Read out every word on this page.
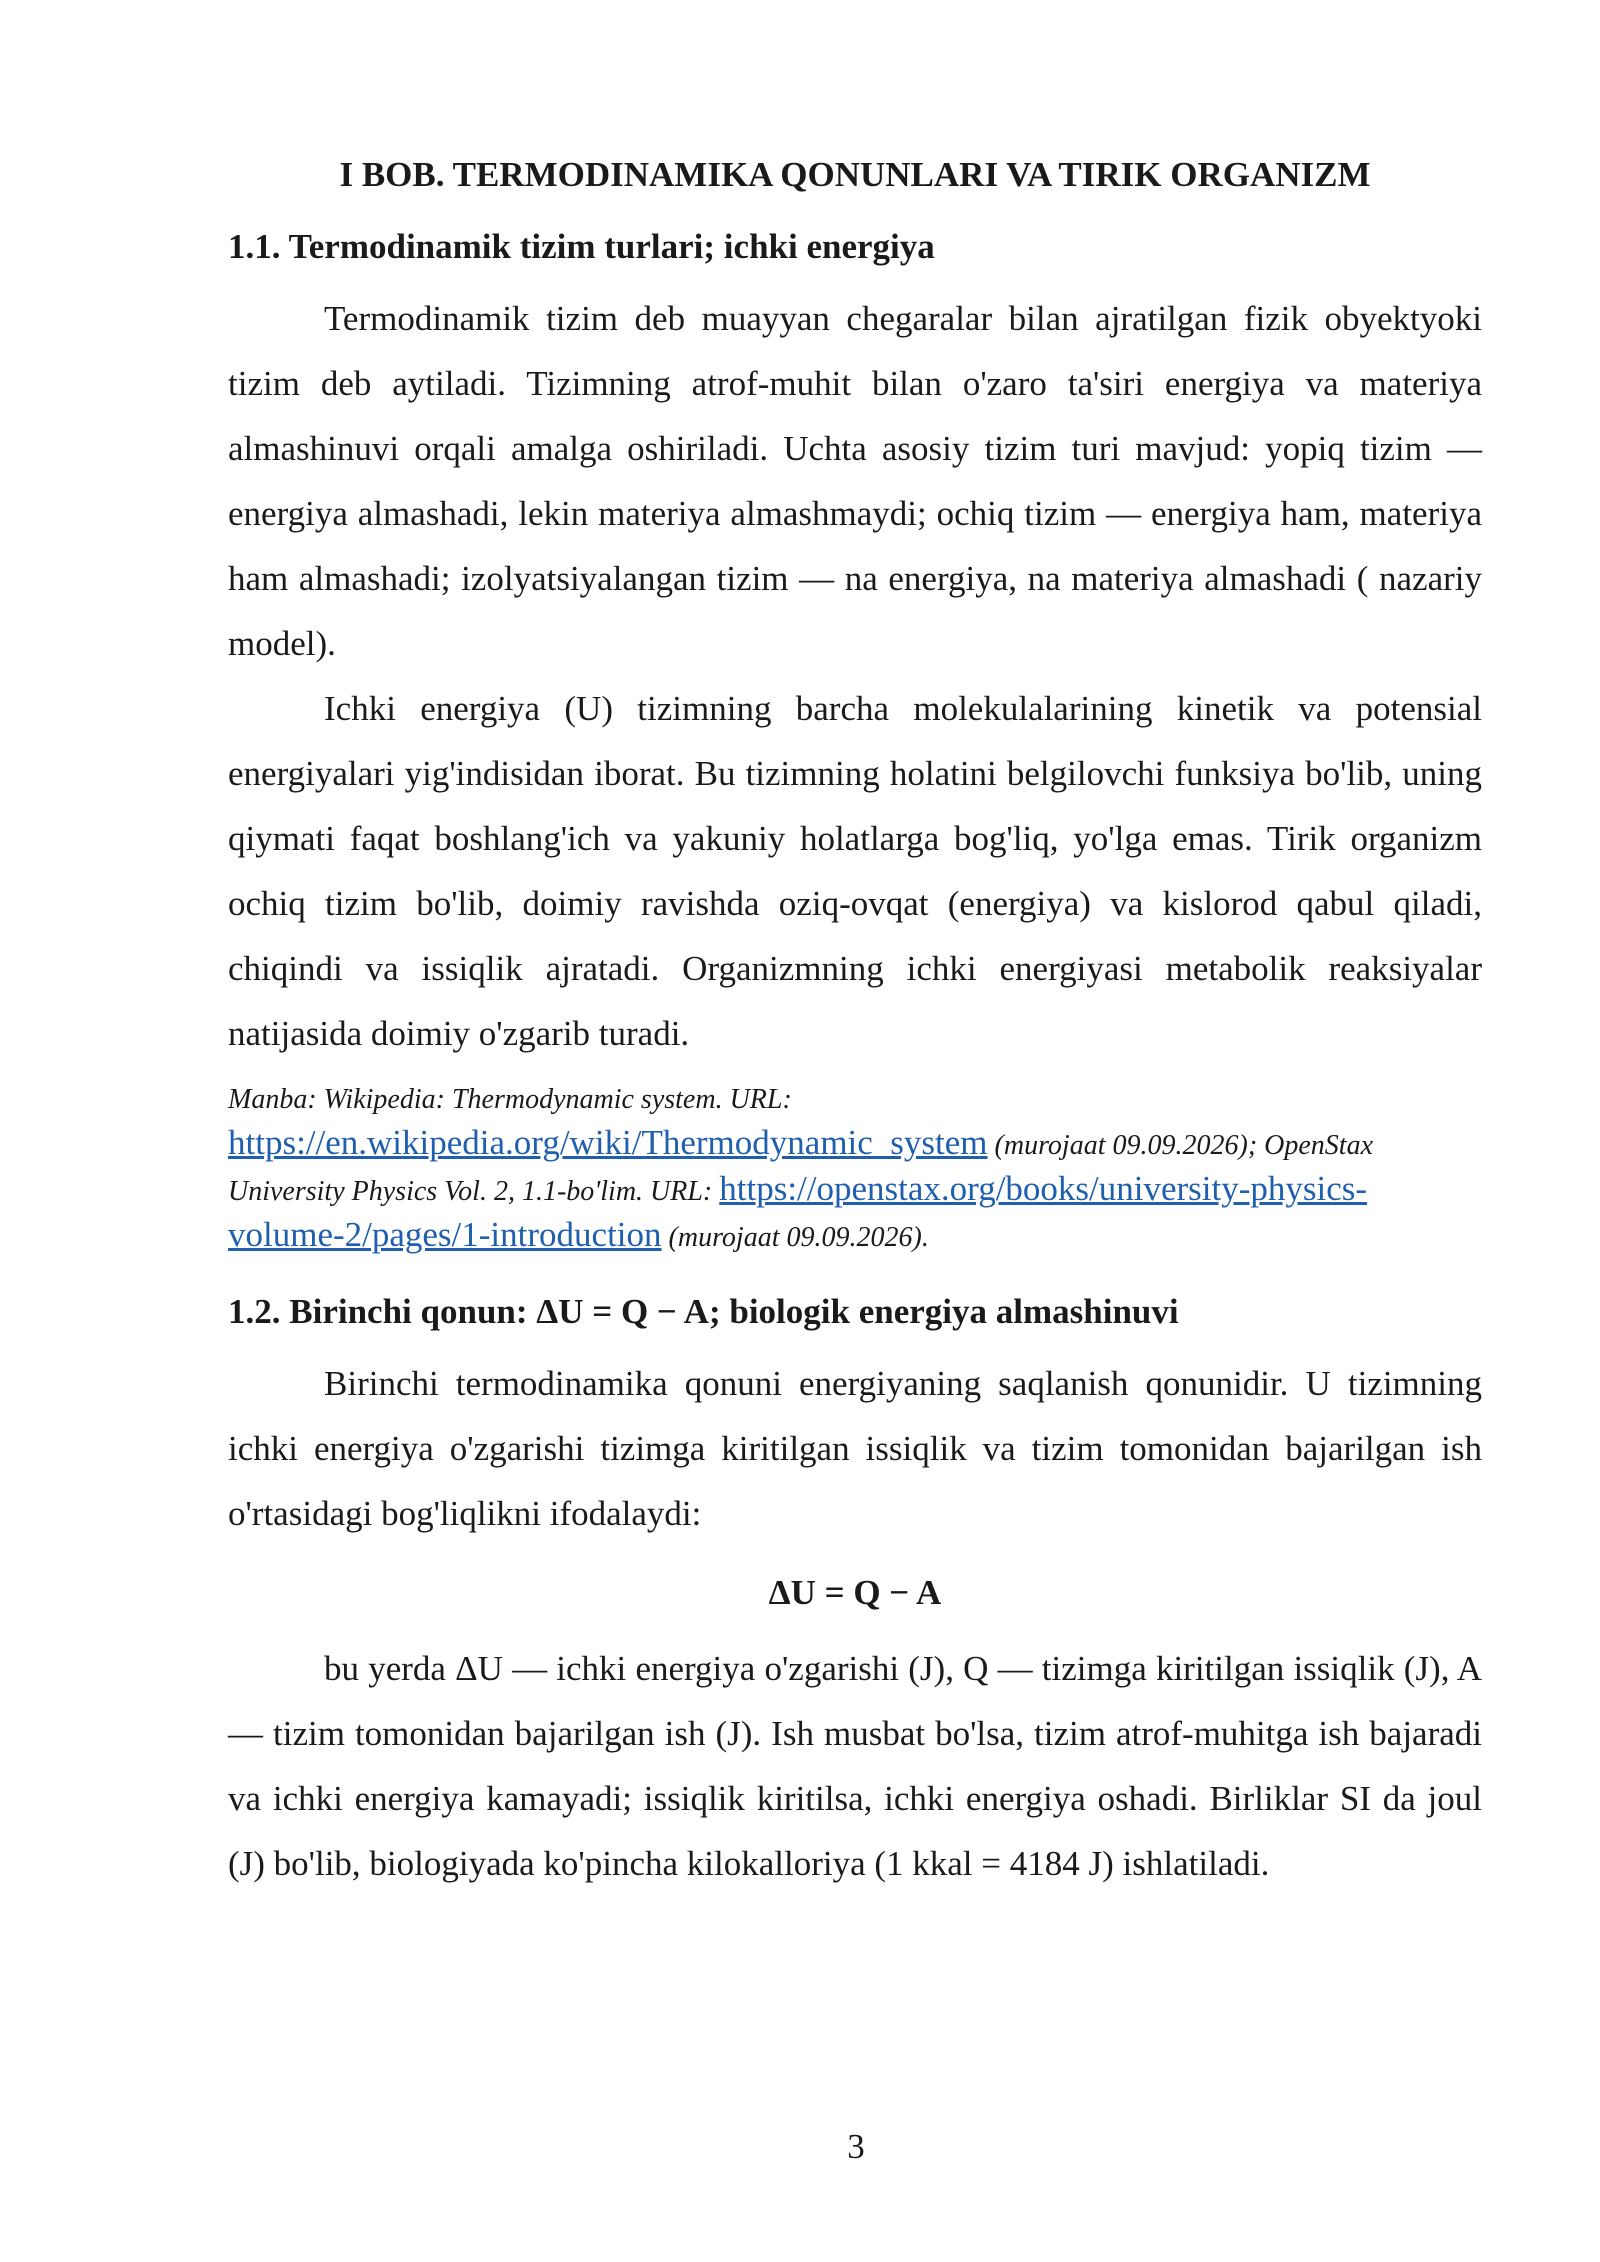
I BOB. TERMODINAMIKA QONUNLARI VA TIRIK ORGANIZM
1.1. Termodinamik tizim turlari; ichki energiya

Termodinamik tizim deb muayyan chegaralar bilan ajratilgan fizik obyektyoki tizim deb aytiladi. Tizimning atrof-muhit bilan o'zaro ta'siri energiya va materiya almashinuvi orqali amalga oshiriladi. Uchta asosiy tizim turi mavjud: yopiq tizim — energiya almashadi, lekin materiya almashmaydi; ochiq tizim — energiya ham, materiya ham almashadi; izolyatsiyalangan tizim — na energiya, na materiya almashadi ( nazariy model).

Ichki energiya (U) tizimning barcha molekulalarining kinetik va potensial energiyalari yig'indisidan iborat. Bu tizimning holatini belgilovchi funksiya bo'lib, uning qiymati faqat boshlang'ich va yakuniy holatlarga bog'liq, yo'lga emas. Tirik organizm ochiq tizim bo'lib, doimiy ravishda oziq-ovqat (energiya) va kislorod qabul qiladi, chiqindi va issiqlik ajratadi. Organizmning ichki energiyasi metabolik reaksiyalar natijasida doimiy o'zgarib turadi.

Manba: Wikipedia: Thermodynamic system. URL:
https://en.wikipedia.org/wiki/Thermodynamic_system (murojaat 09.09.2026); OpenStax University Physics Vol. 2, 1.1-bo'lim. URL: https://openstax.org/books/university-physics-volume-2/pages/1-introduction (murojaat 09.09.2026).
1.2. Birinchi qonun: ΔU = Q − A; biologik energiya almashinuvi

Birinchi termodinamika qonuni energiyaning saqlanish qonunidir. U tizimning ichki energiya o'zgarishi tizimga kiritilgan issiqlik va tizim tomonidan bajarilgan ish o'rtasidagi bog'liqlikni ifodalaydi:

ΔU = Q − A

bu yerda ΔU — ichki energiya o'zgarishi (J), Q — tizimga kiritilgan issiqlik (J), A — tizim tomonidan bajarilgan ish (J). Ish musbat bo'lsa, tizim atrof-muhitga ish bajaradi va ichki energiya kamayadi; issiqlik kiritilsa, ichki energiya oshadi. Birliklar SI da joul (J) bo'lib, biologiyada ko'pincha kilokalloriya (1 kkal = 4184 J) ishlatiladi.

3
